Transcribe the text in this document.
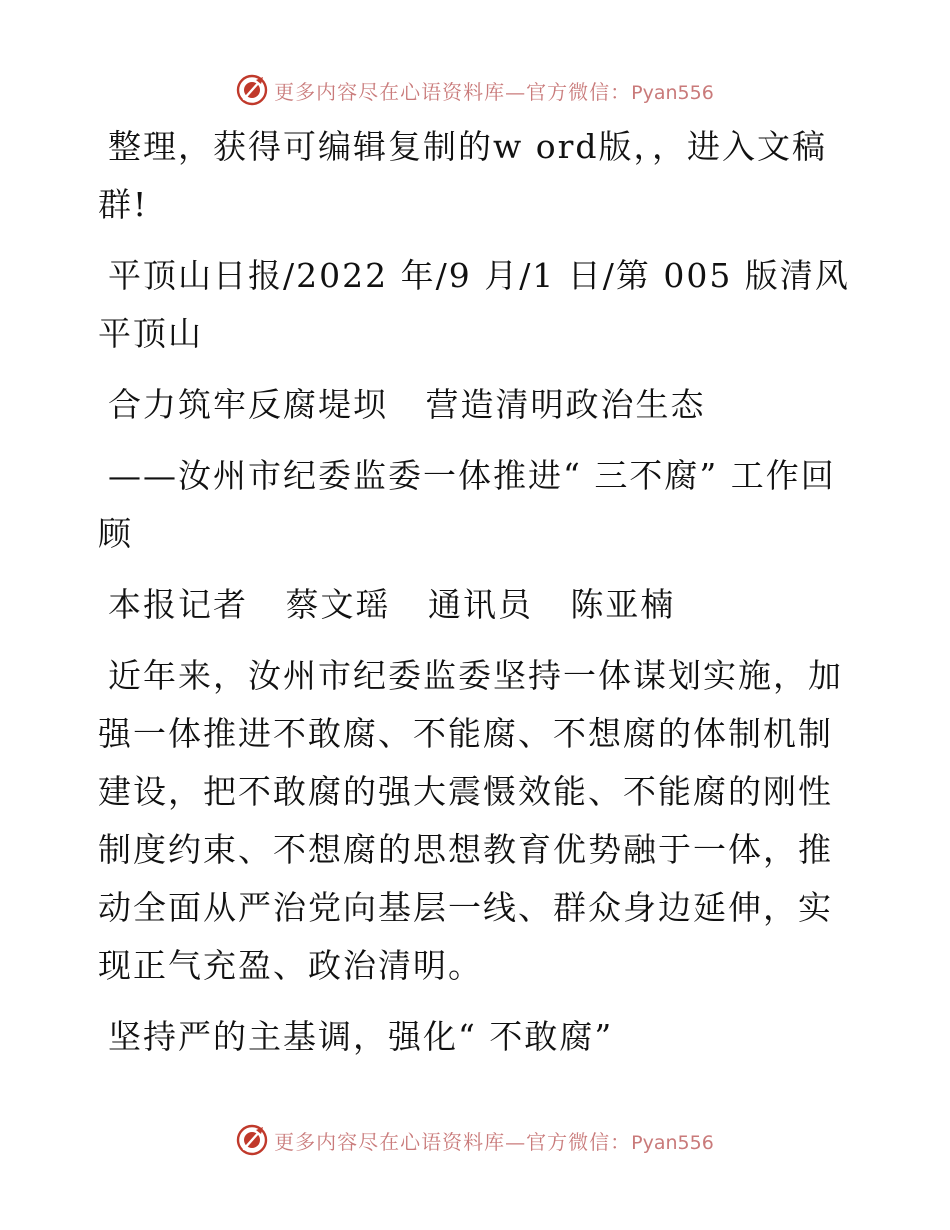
更多内容尽在心语资料库—官方微信：Pyan556

整理，获得可编辑复制的w ord版，，进入文稿群!

平顶山日报/2022 年/9 月/1 日/第 005 版清风平顶山

合力筑牢反腐堤坝   营造清明政治生态

——汝州市纪委监委一体推进“ 三不腐” 工作回顾

本报记者   蔡文瑶   通讯员   陈亚楠

近年来，汝州市纪委监委坚持一体谋划实施，加强一体推进不敢腐、不能腐、不想腐的体制机制建设，把不敢腐的强大震慑效能、不能腐的刚性制度约束、不想腐的思想教育优势融于一体，推动全面从严治党向基层一线、群众身边延伸，实现正气充盈、政治清明。

坚持严的主基调，强化“ 不敢腐”

更多内容尽在心语资料库—官方微信：Pyan556
